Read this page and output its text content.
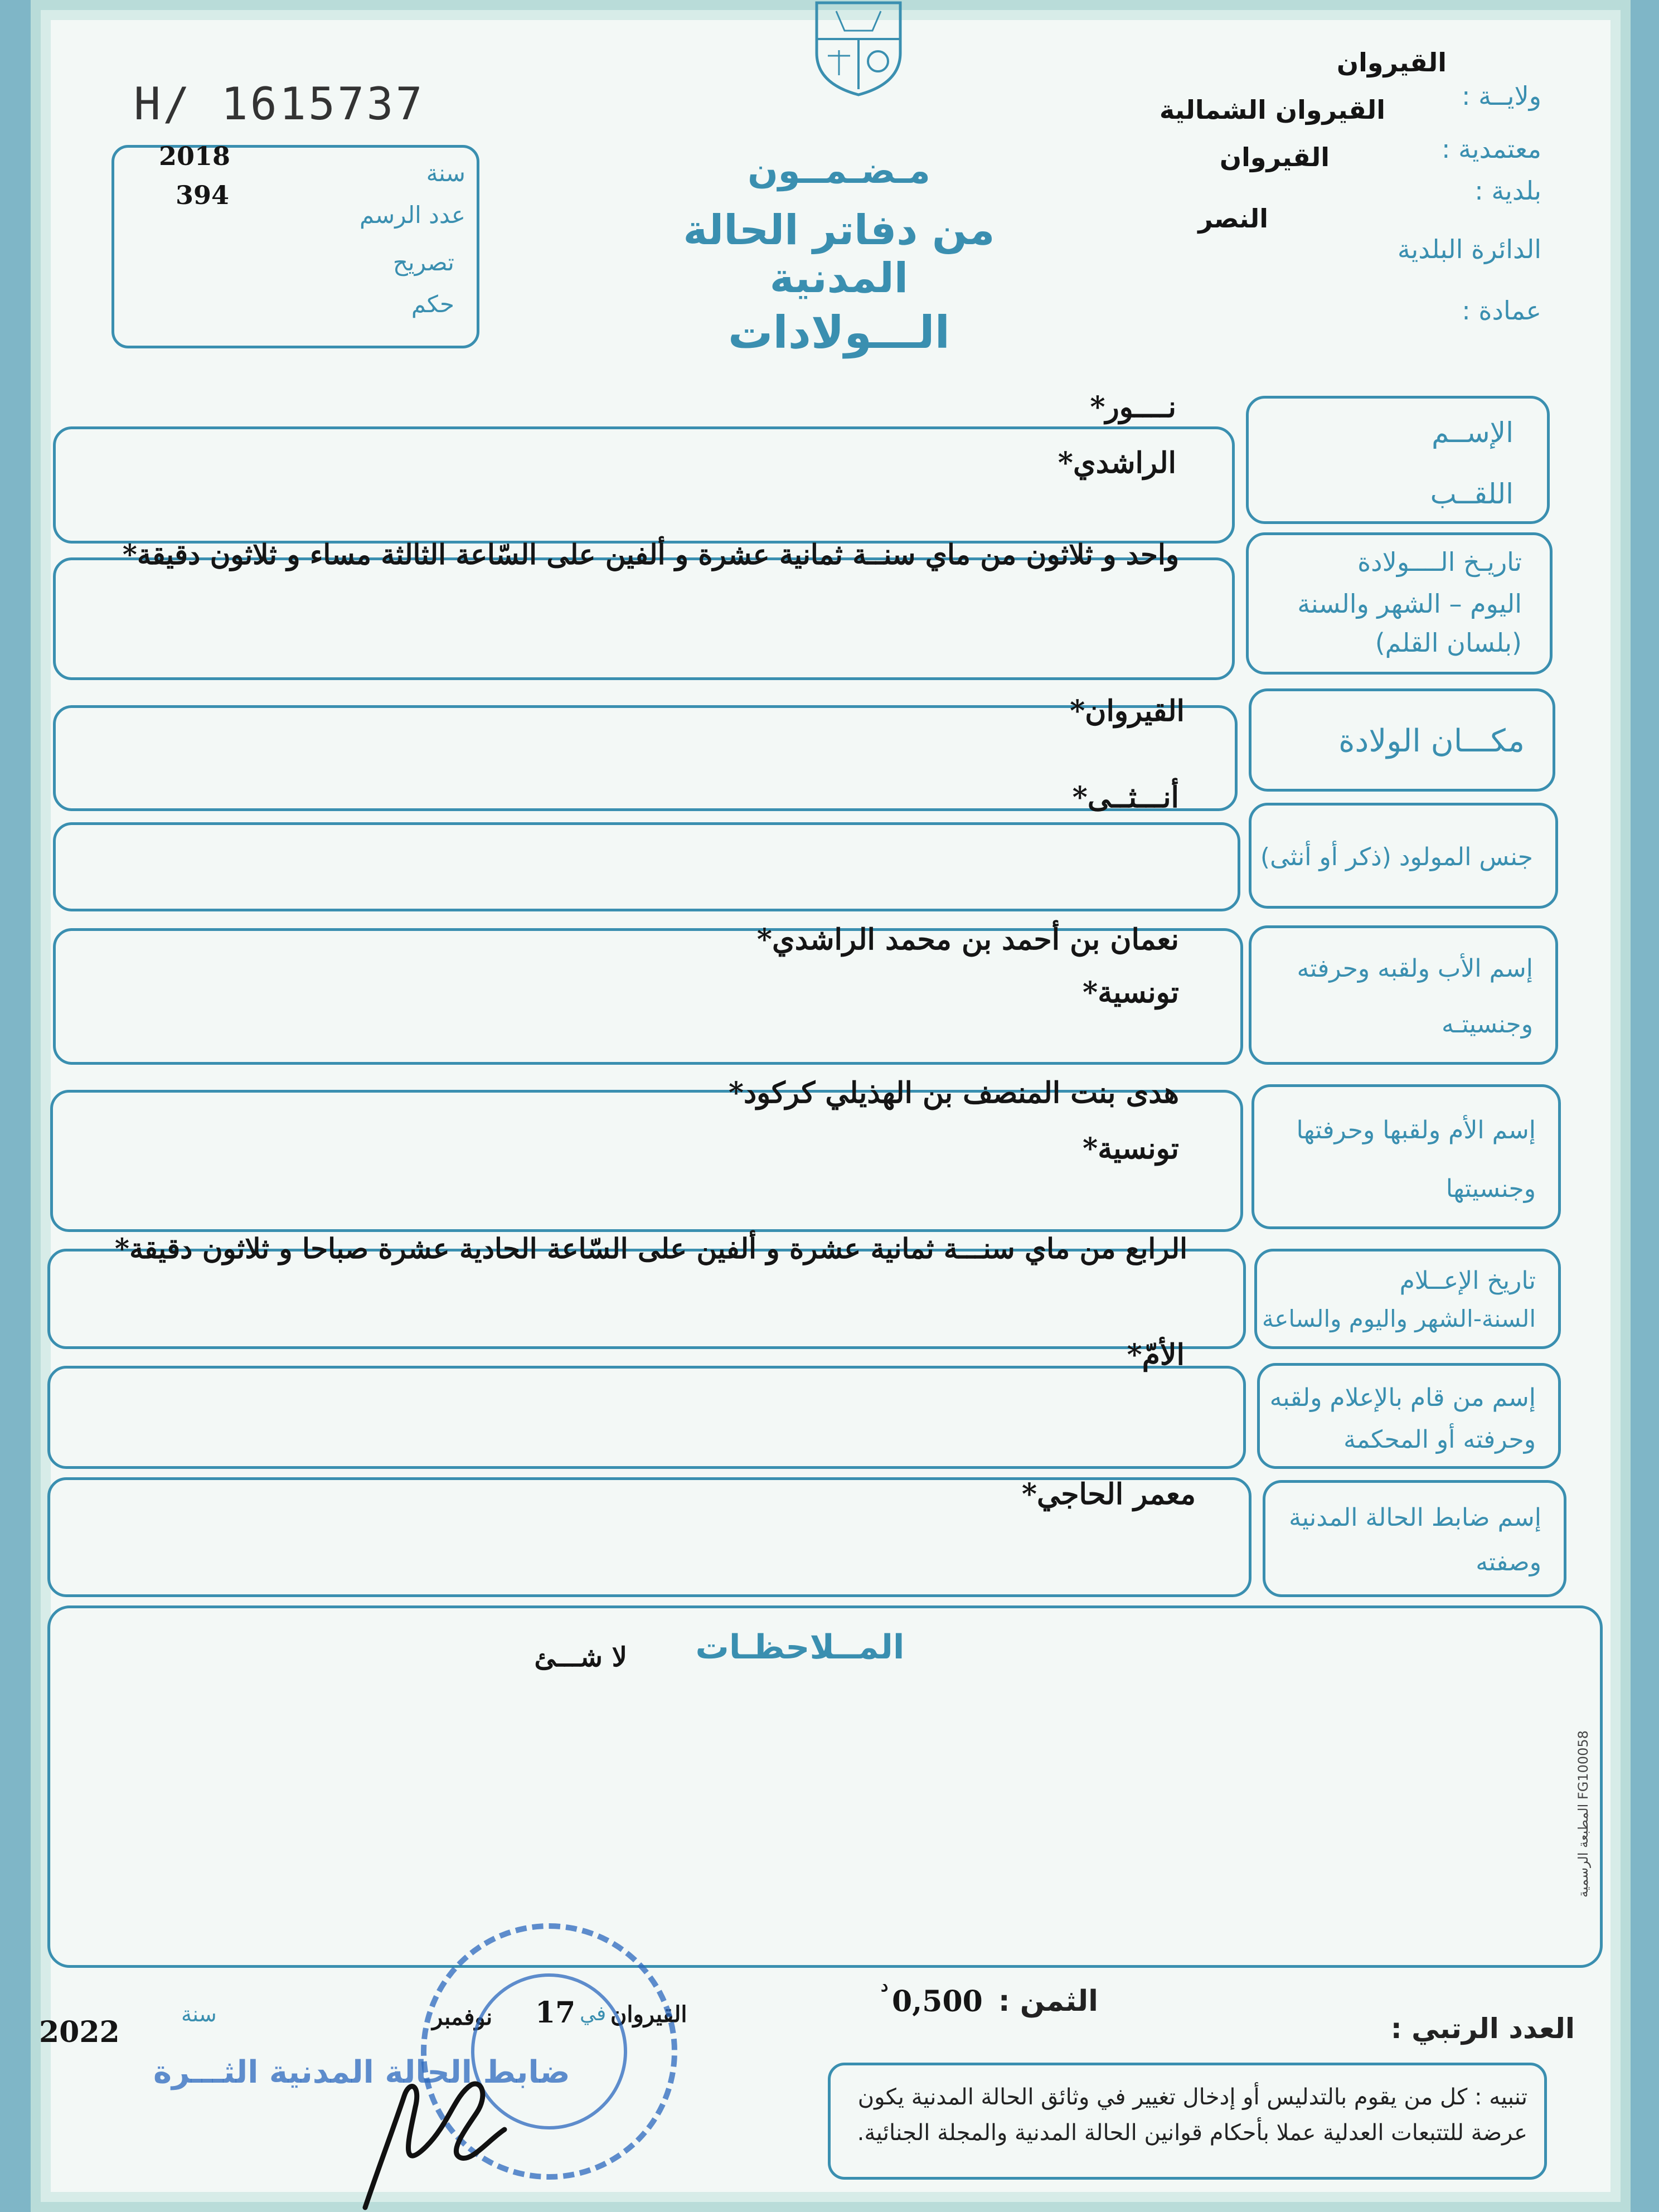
H/ 1615737
2018
394
سنة
عدد الرسم
تصريح
حكم
مـضـمــون
من دفاتر الحالة المدنية
الـــولادات
القيروان
ولايــة :
القيروان الشمالية
معتمدية :
القيروان
بلدية :
النصر
الدائرة البلدية
عمادة :
الإســم
اللقــب
نــــور*
الراشدي*
تاريـخ الــــولادة
اليوم – الشهر والسنة
(بلسان القلم)
واحد و ثلاثون من ماي سنــة ثمانية عشرة و ألفين على السّاعة الثالثة مساء و ثلاثون دقيقة*
مكـــان الولادة
القيروان*
جنس المولود (ذكر أو أنثى)
أنـــثــى*
إسم الأب ولقبه وحرفته
وجنسيتـه
نعمان بن أحمد بن محمد الراشدي*
تونسية*
إسم الأم ولقبها وحرفتها
وجنسيتها
هدى بنت المنصف بن الهذيلي كركود*
تونسية*
تاريخ الإعــلام
السنة-الشهر واليوم والساعة
الرابع من ماي سنـــة ثمانية عشرة و ألفين على السّاعة الحادية عشرة صباحا و ثلاثون دقيقة*
إسم من قام بالإعلام ولقبه
وحرفته أو المحكمة
الأمّ*
إسم ضابط الحالة المدنية
وصفته
معمر الحاجي*
المــلاحظـات
لا شـــئ
المطبعة الرسمية FG100058
العدد الرتبي :
الثمن :
0,500
د
القيروان
في
17
نوفمبر
سنة
2022
ضابط الحالة المدنية الثـــرة
تنبيه : كل من يقوم بالتدليس أو إدخال تغيير في وثائق الحالة المدنية يكون عرضة للتتبعات العدلية عملا بأحكام قوانين الحالة المدنية والمجلة الجنائية.
